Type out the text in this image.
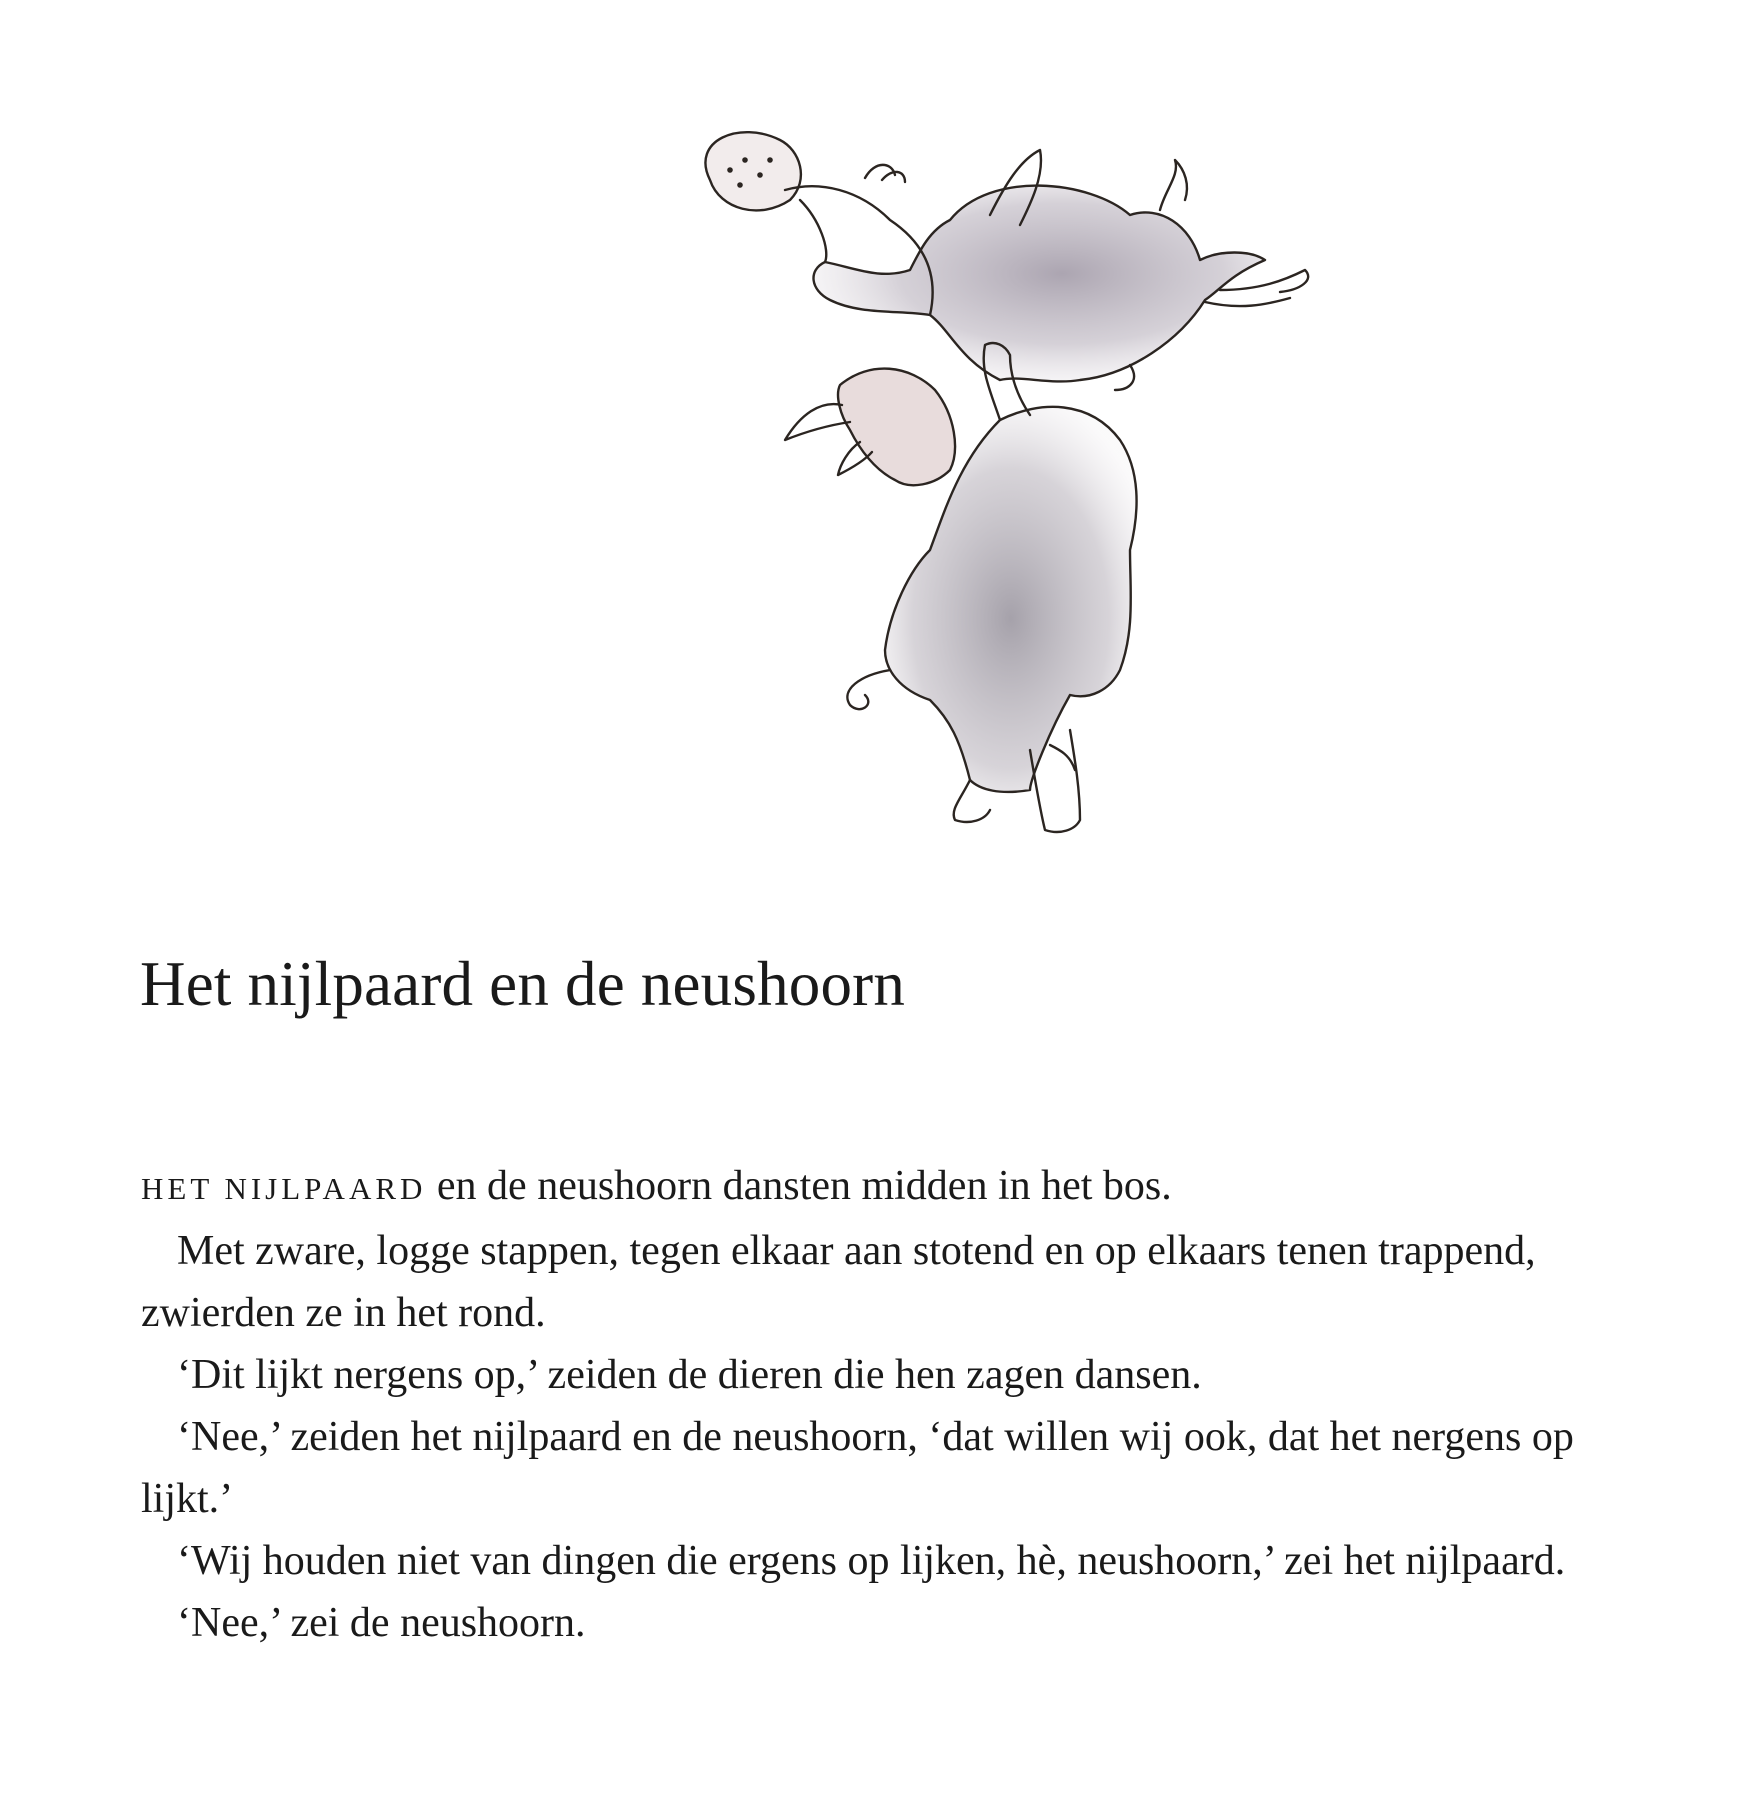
Het nijlpaard en de neushoorn

HET NIJLPAARD en de neushoorn dansten midden in het bos.

Met zware, logge stappen, tegen elkaar aan stotend en op elkaars tenen trappend, zwierden ze in het rond.

‘Dit lijkt nergens op,’ zeiden de dieren die hen zagen dansen.

‘Nee,’ zeiden het nijlpaard en de neushoorn, ‘dat willen wij ook, dat het nergens op lijkt.’

‘Wij houden niet van dingen die ergens op lijken, hè, neushoorn,’ zei het nijlpaard.

‘Nee,’ zei de neushoorn.
